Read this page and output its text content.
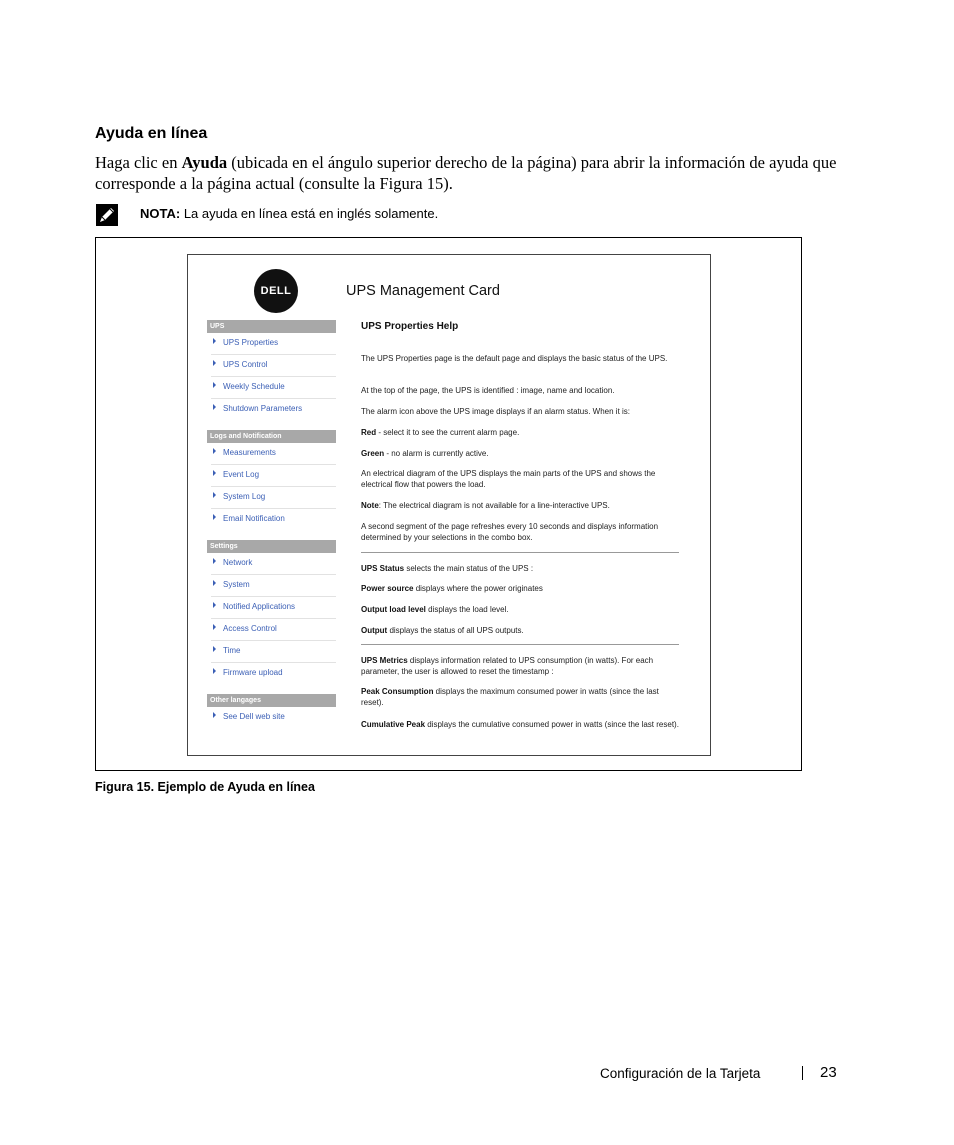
Ayuda en línea
Haga clic en Ayuda (ubicada en el ángulo superior derecho de la página) para abrir la información de ayuda que corresponde a la página actual (consulte la Figura 15).
NOTA: La ayuda en línea está en inglés solamente.
DELL	UPS Management Card
UPS
UPS Properties
UPS Control
Weekly Schedule
Shutdown Parameters
Logs and Notification
Measurements
Event Log
System Log
Email Notification
Settings
Network
System
Notified Applications
Access Control
Time
Firmware upload
Other langages
See Dell web site
UPS Properties Help

The UPS Properties page is the default page and displays the basic status of the UPS.

At the top of the page, the UPS is identified : image, name and location.

The alarm icon above the UPS image displays if an alarm status. When it is:

Red - select it to see the current alarm page.

Green - no alarm is currently active.

An electrical diagram of the UPS displays the main parts of the UPS and shows the electrical flow that powers the load.

Note: The electrical diagram is not available for a line-interactive UPS.

A second segment of the page refreshes every 10 seconds and displays information determined by your selections in the combo box.

UPS Status selects the main status of the UPS :

Power source displays where the power originates

Output load level displays the load level.

Output displays the status of all UPS outputs.

UPS Metrics displays information related to UPS consumption (in watts). For each parameter, the user is allowed to reset the timestamp :

Peak Consumption displays the maximum consumed power in watts (since the last reset).

Cumulative Peak displays the cumulative consumed power in watts (since the last reset).

Figura 15. Ejemplo de Ayuda en línea
Configuración de la Tarjeta	23
